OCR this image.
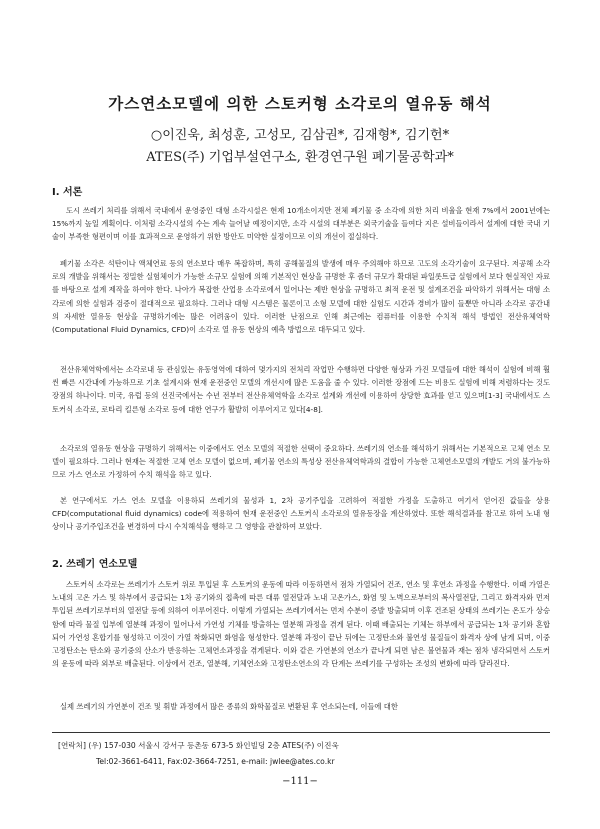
가스연소모델에 의한 스토커형 소각로의 열유동 해석
○이진욱, 최성훈, 고성모, 김삼권*, 김재형*, 김기헌*
ATES(주) 기업부설연구소, 환경연구원 폐기물공학과*
I. 서론
도시 쓰레기 처리를 위해서 국내에서 운영중인 대형 소각시설은 현재 10개소이지만 전체 폐기물 중 소각에 의한 처리 비율을 현재 7%에서 2001년에는 15%까지 높일 계획이다. 이처럼 소각시설의 수는 계속 늘어날 예정이지만, 소각 시설의 대부분은 외국기술을 들여다 지은 설비들이라서 설계에 대한 국내 기술이 부족한 형편이며 이를 효과적으로 운영하기 위한 방안도 미약한 실정이므로 이의 개선이 절실하다.
폐기물 소각은 석탄이나 액체연료 등의 연소보다 매우 복잡하며, 특히 공해물질의 발생에 매우 주의해야 하므로 고도의 소각기술이 요구된다. 저공해 소각로의 개발을 위해서는 정밀한 실험체이가 가능한 소규모 실험에 의해 기본적인 현상을 규명한 후 좀더 규모가 확대된 파일롯트급 실험에서 보다 현실적인 자료를 바탕으로 설계 제작을 하여야 한다. 나아가 복잡한 산업용 소각로에서 일어나는 제반 현상을 규명하고 최적 운전 및 설계조건을 파악하기 위해서는 대형 소각로에 의한 실험과 검증이 절대적으로 필요하다. 그러나 대형 시스템은 물론이고 소형 모델에 대한 실험도 시간과 경비가 많이 들뿐만 아니라 소각로 공간내의 자세한 열유동 현상을 규명하기에는 많은 어려움이 있다. 이러한 난점으로 인해 최근에는 컴퓨터를 이용한 수치적 해석 방법인 전산유체역학(Computational Fluid Dynamics, CFD)이 소각로 열 유동 현상의 예측 방법으로 대두되고 있다.
전산유체역학에서는 소각로내 등 관심있는 유동영역에 대하여 몇가지의 전처리 작업만 수행하면 다양한 형상과 가진 모델들에 대한 해석이 실험에 비해 훨씬 빠른 시간내에 가능하므로 기초 설계시와 현재 운전중인 모델의 개선시에 많은 도움을 줄 수 있다. 이러한 장점에 드는 비용도 실험에 비해 저렴하다는 것도 장점의 하나이다. 미국, 유럽 등의 선진국에서는 수년 전부터 전산유체역학을 소각로 설계와 개선에 이용하여 상당한 효과를 얻고 있으며[1-3] 국내에서도 스토커식 소각로, 로타리 킬른형 소각로 등에 대한 연구가 활발히 이루어지고 있다[4-8].
소각로의 열유동 현상을 규명하기 위해서는 이중에서도 연소 모델의 적절한 선택이 중요하다. 쓰레기의 연소를 해석하기 위해서는 기본적으로 고체 연소 모델이 필요하다. 그러나 현재는 적절한 고체 연소 모델이 없으며, 폐기물 연소의 특성상 전산유체역학과의 결합이 가능한 고체연소모델의 개발도 거의 불가능하므로 가스 연소로 가정하여 수치 해석을 하고 있다.
본 연구에서도 가스 연소 모델을 이용하되 쓰레기의 물성과 1, 2차 공기주입을 고려하여 적절한 가정을 도출하고 여기서 얻어진 값들을 상용 CFD(computational fluid dynamics) code에 적용하여 현재 운전중인 스토커식 소각로의 열유동장을 계산하였다. 또한 해석결과를 참고로 하여 노내 형상이나 공기주입조건을 변경하여 다시 수치해석을 행하고 그 영향을 관찰하여 보았다.
2. 쓰레기 연소모델
스토커식 소각로는 쓰레기가 스토커 위로 투입된 후 스토커의 운동에 따라 이동하면서 점차 가열되어 건조, 연소 및 후연소 과정을 수행한다. 이때 가열은 노내의 고온 가스 및 하부에서 공급되는 1차 공기와의 접촉에 따른 대류 열전달과 노내 고온가스, 화염 및 노벽으로부터의 복사열전달, 그리고 화격자와 먼저 투입된 쓰레기로부터의 열전달 등에 의하여 이루어진다. 이렇게 가열되는 쓰레기에서는 먼저 수분이 증발 방출되며 이후 건조된 상태의 쓰레기는 온도가 상승함에 따라 물질 입부에 열분해 과정이 일어나서 가연성 기체를 방출하는 열분해 과정을 겪게 된다. 이때 배출되는 기체는 하부에서 공급되는 1차 공기와 혼합되어 가연성 혼합기를 형성하고 이것이 가열 착화되면 화염을 형성한다. 열분해 과정이 끝난 뒤에는 고정탄소와 불연성 물질들이 화격자 상에 남게 되며, 이중 고정탄소는 탄소와 공기중의 산소가 반응하는 고체연소과정을 겪게된다. 이와 같은 가연분의 연소가 끝나게 되면 남은 불연물과 재는 점차 냉각되면서 스토커의 운동에 따라 외부로 배출된다. 이상에서 건조, 열분해, 기체연소와 고정탄소연소의 각 단계는 쓰레기를 구성하는 조성의 변화에 따라 달라진다.
실제 쓰레기의 가연분이 건조 및 휘발 과정에서 많은 종류의 화학물질로 변환된 후 연소되는데, 이들에 대한
[연락처] (우) 157-030 서울시 강서구 등촌동 673-5 화인빌딩 2층 ATES(주) 이진욱
Tel:02-3661-6411, Fax:02-3664-7251, e-mail: jwlee@ates.co.kr
−111−
